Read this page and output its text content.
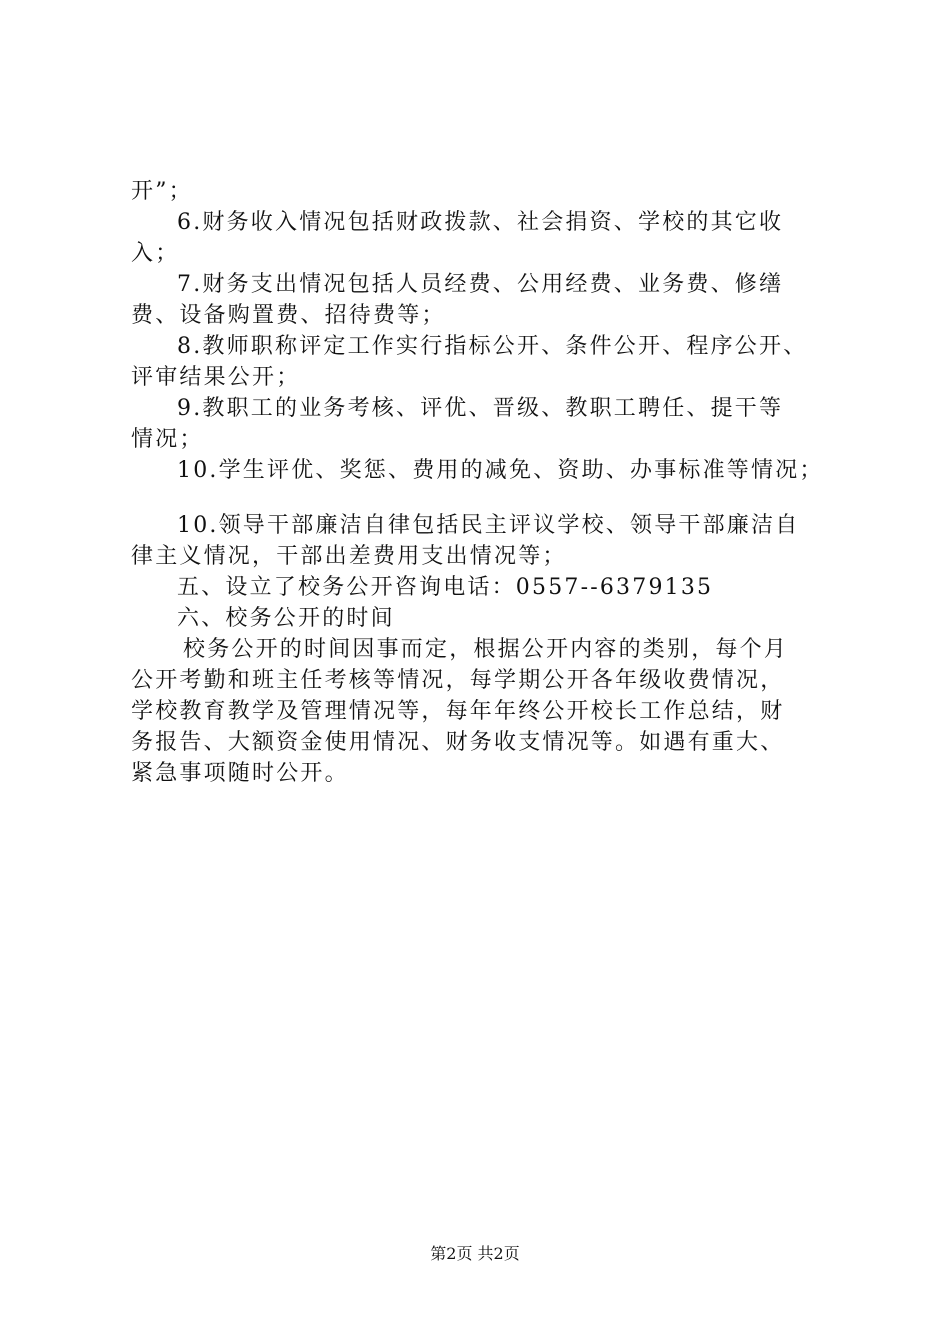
开”；
6.财务收入情况包括财政拨款、社会捐资、学校的其它收
入；
7.财务支出情况包括人员经费、公用经费、业务费、修缮
费、设备购置费、招待费等；
8.教师职称评定工作实行指标公开、条件公开、程序公开、
评审结果公开；
9.教职工的业务考核、评优、晋级、教职工聘任、提干等
情况；
10.学生评优、奖惩、费用的减免、资助、办事标准等情况；
10.领导干部廉洁自律包括民主评议学校、领导干部廉洁自
律主义情况，干部出差费用支出情况等；
五、设立了校务公开咨询电话：0557--6379135
六、校务公开的时间
校务公开的时间因事而定，根据公开内容的类别，每个月
公开考勤和班主任考核等情况，每学期公开各年级收费情况，
学校教育教学及管理情况等，每年年终公开校长工作总结，财
务报告、大额资金使用情况、财务收支情况等。如遇有重大、
紧急事项随时公开。
第2页 共2页
